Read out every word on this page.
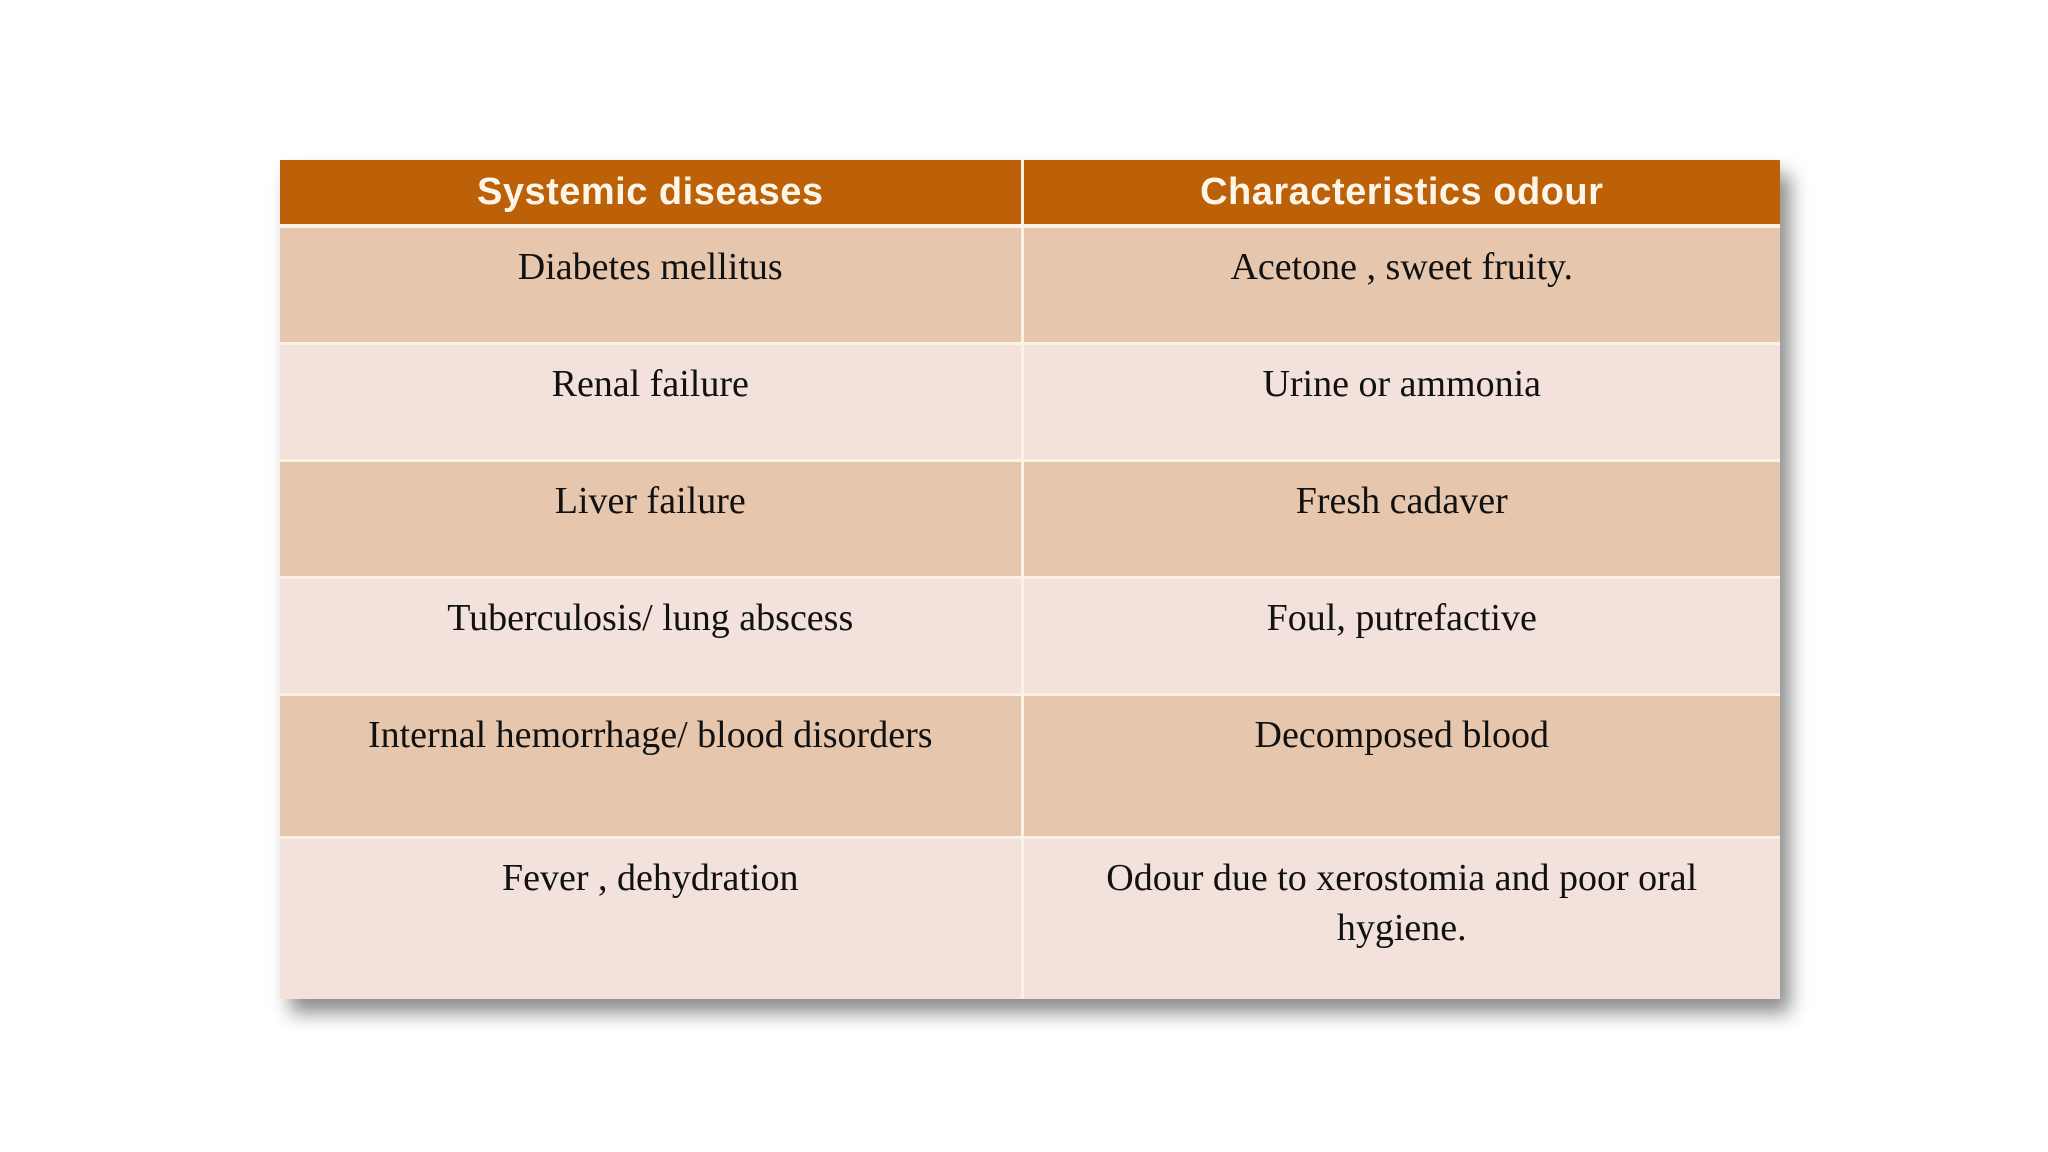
Systemic diseases	Characteristics odour
Diabetes mellitus	Acetone , sweet fruity.
Renal failure	Urine or ammonia
Liver failure	Fresh cadaver
Tuberculosis/ lung abscess	Foul, putrefactive
Internal hemorrhage/ blood disorders	Decomposed blood
Fever , dehydration	Odour due to xerostomia and poor oral hygiene.
